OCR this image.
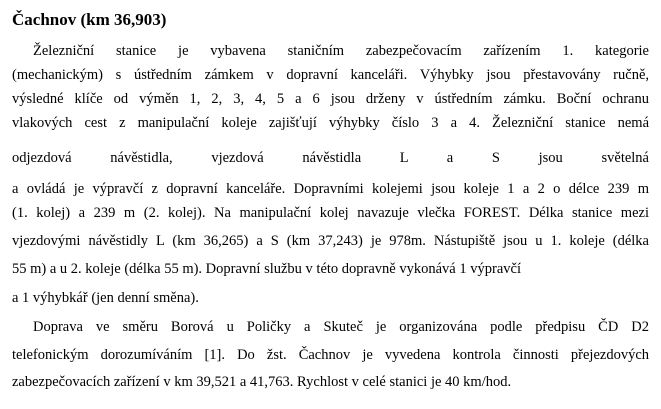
Čachnov (km 36,903)
Železniční stanice je vybavena staničním zabezpečovacím zařízením 1. kategorie
(mechanickým) s ústředním zámkem v dopravní kanceláři. Výhybky jsou přestavovány ručně,
výsledné klíče od výměn 1, 2, 3, 4, 5 a 6 jsou drženy v ústředním zámku. Boční ochranu
vlakových cest z manipulační koleje zajišťují výhybky číslo 3 a 4. Železniční stanice nemá
odjezdová návěstidla, vjezdová návěstidla L a S jsou světelná
a ovládá je výpravčí z dopravní kanceláře. Dopravními kolejemi jsou koleje 1 a 2 o délce 239 m
(1. kolej) a 239 m (2. kolej). Na manipulační kolej navazuje vlečka FOREST. Délka stanice mezi
vjezdovými návěstidly L (km 36,265) a S (km 37,243) je 978m. Nástupiště jsou u 1. koleje (délka
55 m) a u 2. koleje (délka 55 m). Dopravní službu v této dopravně vykonává 1 výpravčí
a 1 výhybkář (jen denní směna).
Doprava ve směru Borová u Poličky a Skuteč je organizována podle předpisu ČD D2
telefonickým dorozumíváním [1]. Do žst. Čachnov je vyvedena kontrola činnosti přejezdových
zabezpečovacích zařízení v km 39,521 a 41,763. Rychlost v celé stanici je 40 km/hod.
